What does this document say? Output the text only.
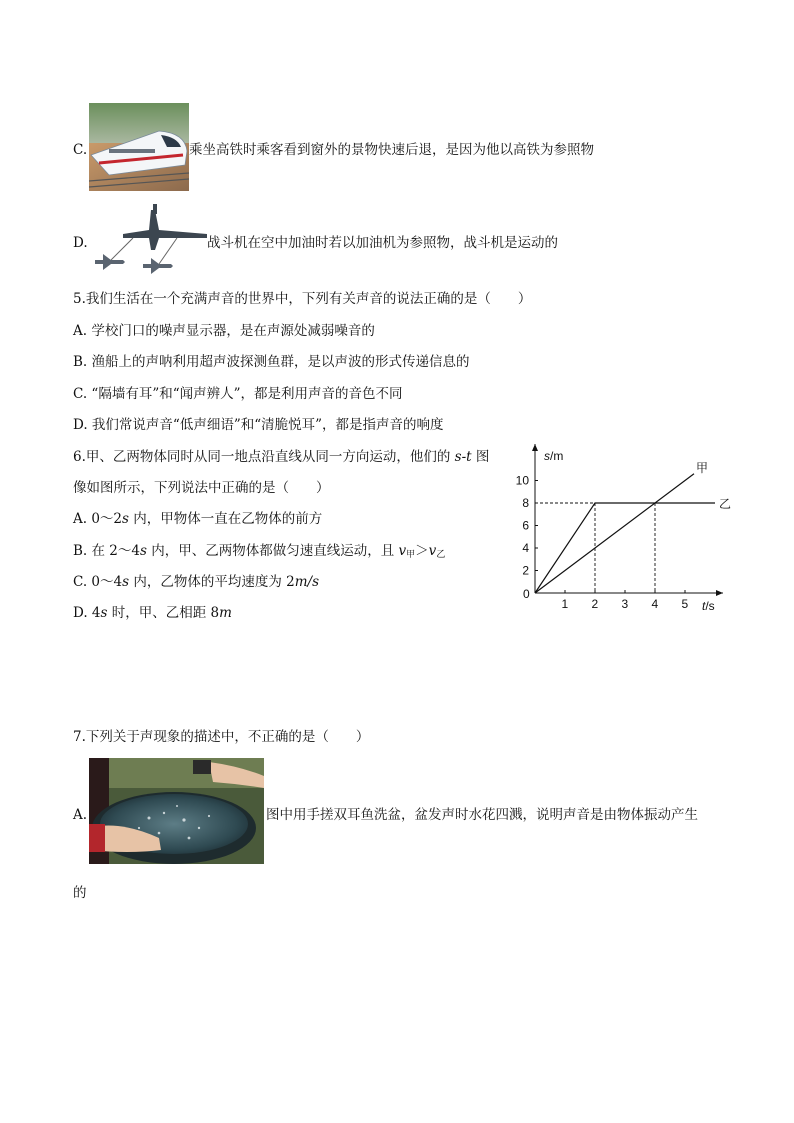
C.	乘坐高铁时乘客看到窗外的景物快速后退，是因为他以高铁为参照物
D.	战斗机在空中加油时若以加油机为参照物，战斗机是运动的
5.我们生活在一个充满声音的世界中，下列有关声音的说法正确的是（　　）
A. 学校门口的噪声显示器，是在声源处减弱噪音的
B. 渔船上的声呐利用超声波探测鱼群，是以声波的形式传递信息的
C. “隔墙有耳”和“闻声辨人”，都是利用声音的音色不同
D. 我们常说声音“低声细语”和“清脆悦耳”，都是指声音的响度
6.甲、乙两物体同时从同一地点沿直线从同一方向运动，他们的 s-t 图
像如图所示，下列说法中正确的是（　　）
A. 0～2s 内，甲物体一直在乙物体的前方
B. 在 2～4s 内，甲、乙两物体都做匀速直线运动，且 $v_甲>v_乙$
C. 0～4s 内，乙物体的平均速度为 2m/s
D. 4s 时，甲、乙相距 8m
s/m
t/s
0
1 2 3 4 5
2
4
6
8
10
甲
乙
7.下列关于声现象的描述中，不正确的是（　　）
A.	图中用手搓双耳鱼洗盆，盆发声时水花四溅，说明声音是由物体振动产生
的
